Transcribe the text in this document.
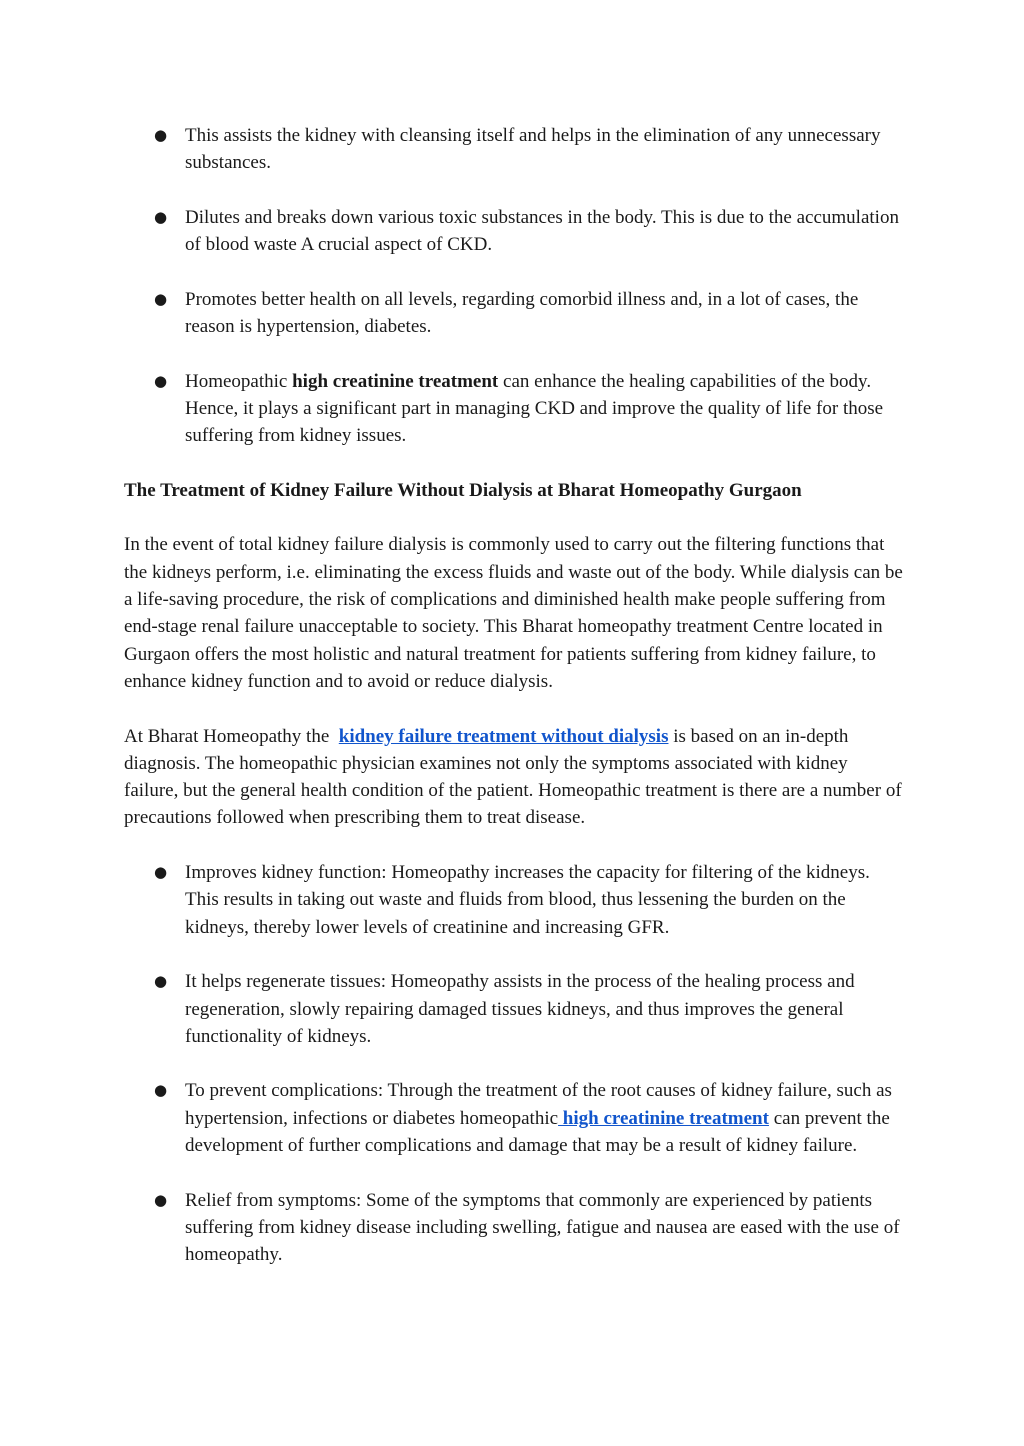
● This assists the kidney with cleansing itself and helps in the elimination of any unnecessary substances.
● Dilutes and breaks down various toxic substances in the body. This is due to the accumulation of blood waste A crucial aspect of CKD.
● Promotes better health on all levels, regarding comorbid illness and, in a lot of cases, the reason is hypertension, diabetes.
● Homeopathic high creatinine treatment can enhance the healing capabilities of the body. Hence, it plays a significant part in managing CKD and improve the quality of life for those suffering from kidney issues.
The Treatment of Kidney Failure Without Dialysis at Bharat Homeopathy Gurgaon

In the event of total kidney failure dialysis is commonly used to carry out the filtering functions that the kidneys perform, i.e. eliminating the excess fluids and waste out of the body. While dialysis can be a life-saving procedure, the risk of complications and diminished health make people suffering from end-stage renal failure unacceptable to society. This Bharat homeopathy treatment Centre located in Gurgaon offers the most holistic and natural treatment for patients suffering from kidney failure, to enhance kidney function and to avoid or reduce dialysis.

At Bharat Homeopathy the  kidney failure treatment without dialysis is based on an in-depth diagnosis. The homeopathic physician examines not only the symptoms associated with kidney failure, but the general health condition of the patient. Homeopathic treatment is there are a number of precautions followed when prescribing them to treat disease.

● Improves kidney function: Homeopathy increases the capacity for filtering of the kidneys. This results in taking out waste and fluids from blood, thus lessening the burden on the kidneys, thereby lower levels of creatinine and increasing GFR.
● It helps regenerate tissues: Homeopathy assists in the process of the healing process and regeneration, slowly repairing damaged tissues kidneys, and thus improves the general functionality of kidneys.
● To prevent complications: Through the treatment of the root causes of kidney failure, such as hypertension, infections or diabetes homeopathic high creatinine treatment can prevent the development of further complications and damage that may be a result of kidney failure.
● Relief from symptoms: Some of the symptoms that commonly are experienced by patients suffering from kidney disease including swelling, fatigue and nausea are eased with the use of homeopathy.
